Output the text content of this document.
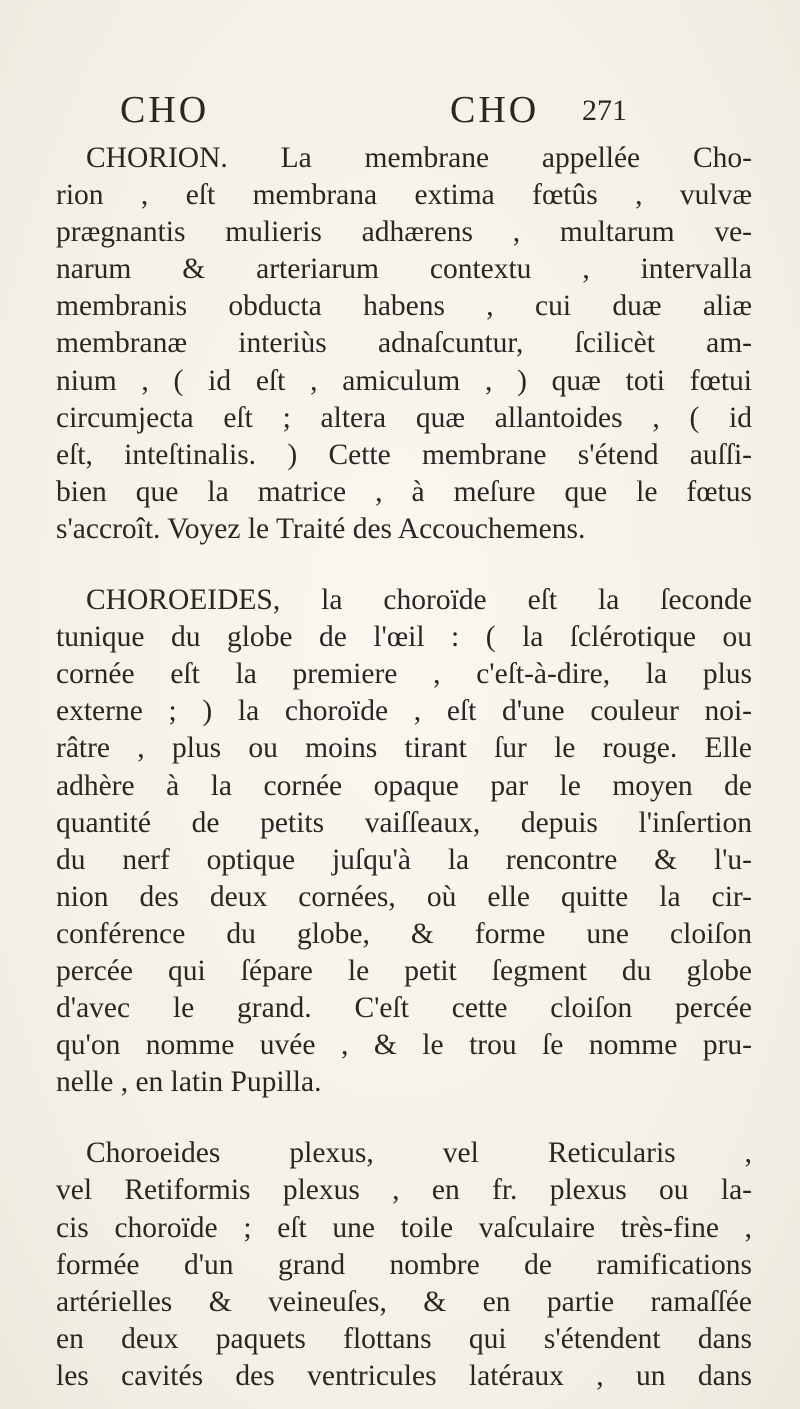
CHO	CHO 271
CHORION. La membrane appellée Cho-
rion , eſt membrana extima fœtûs , vulvæ
prægnantis mulieris adhærens , multarum ve-
narum & arteriarum contextu , intervalla
membranis obducta habens , cui duæ aliæ
membranæ interiùs adnaſcuntur, ſcilicèt am-
nium , ( id eſt , amiculum , ) quæ toti fœtui
circumjecta eſt ; altera quæ allantoides , ( id
eſt, inteſtinalis. ) Cette membrane s'étend auſſi-
bien que la matrice , à meſure que le fœtus
s'accroît. Voyez le Traité des Accouchemens.
CHOROEIDES, la choroïde eſt la ſeconde
tunique du globe de l'œil : ( la ſclérotique ou
cornée eſt la premiere , c'eſt-à-dire, la plus
externe ; ) la choroïde , eſt d'une couleur noi-
râtre , plus ou moins tirant ſur le rouge. Elle
adhère à la cornée opaque par le moyen de
quantité de petits vaiſſeaux, depuis l'inſertion
du nerf optique juſqu'à la rencontre & l'u-
nion des deux cornées, où elle quitte la cir-
conférence du globe, & forme une cloiſon
percée qui ſépare le petit ſegment du globe
d'avec le grand. C'eſt cette cloiſon percée
qu'on nomme uvée , & le trou ſe nomme pru-
nelle , en latin Pupilla.
Choroeides plexus, vel Reticularis ,
vel Retiformis plexus , en fr. plexus ou la-
cis choroïde ; eſt une toile vaſculaire très-fine ,
formée d'un grand nombre de ramifications
artérielles & veineuſes, & en partie ramaſſée
en deux paquets flottans qui s'étendent dans
les cavités des ventricules latéraux , un dans
